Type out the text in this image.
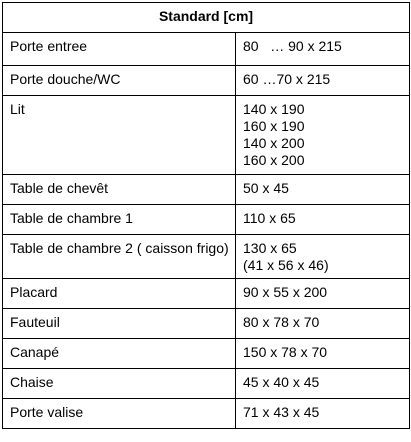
Standard [cm]	
Porte entree	80   … 90 x 215

Porte douche/WC	60 …70 x 215

Lit	140 x 190
160 x 190
140 x 200
160 x 200

Table de chevêt	50 x 45

Table de chambre 1	110 x 65

Table de chambre 2 ( caisson frigo)	130 x 65
(41 x 56 x 46)

Placard	90 x 55 x 200

Fauteuil	80 x 78 x 70

Canapé	150 x 78 x 70

Chaise	45 x 40 x 45

Porte valise	71 x 43 x 45
